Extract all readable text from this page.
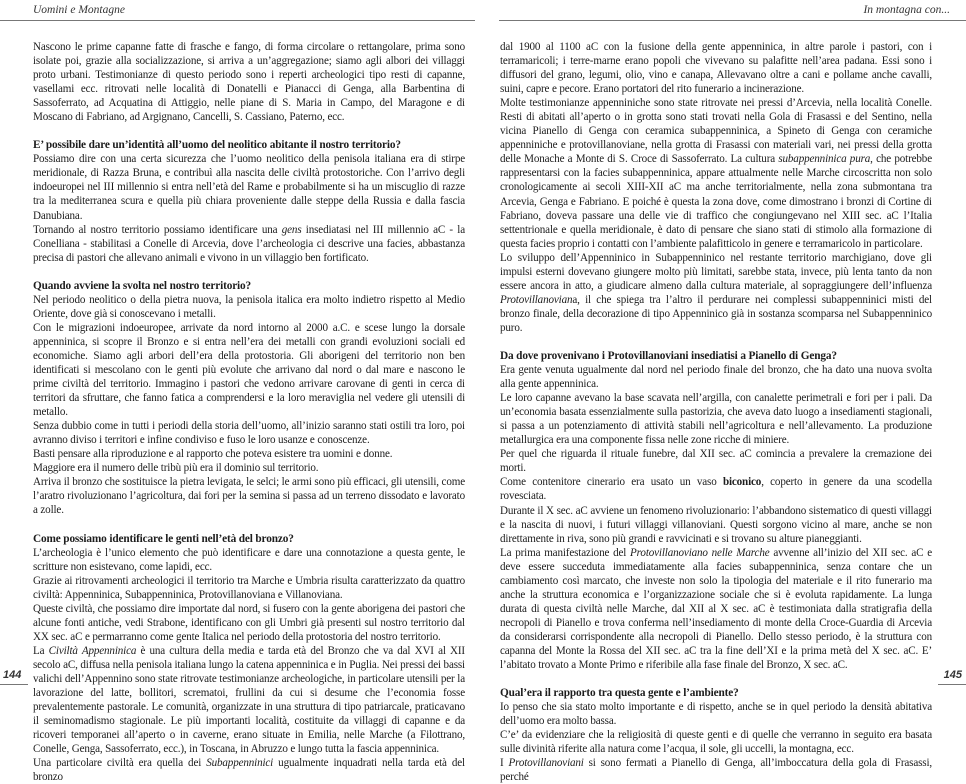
Uomini e Montagne

Nascono le prime capanne fatte di frasche e fango, di forma circolare o rettangolare, prima sono isolate poi, grazie alla socializzazione, si arriva a un’aggregazione; siamo agli albori dei villaggi proto urbani. Testimonianze di questo periodo sono i reperti archeologici tipo resti di capanne, vasellami ecc. ritrovati nelle località di Donatelli e Pianacci di Genga, alla Barbentina di Sassoferrato, ad Acquatina di Attiggio, nelle piane di S. Maria in Campo, del Maragone e di Moscano di Fabriano, ad Argignano, Cancelli, S. Cassiano, Paterno, ecc.

E’ possibile dare un’identità all’uomo del neolitico abitante il nostro territorio?

Possiamo dire con una certa sicurezza che l’uomo neolitico della penisola italiana era di stirpe meridionale, di Razza Bruna, e contribuì alla nascita delle civiltà protostoriche. Con l’arrivo degli indoeuropei nel III millennio si entra nell’età del Rame e probabilmente si ha un miscuglio di razze tra la mediterranea scura e quella più chiara proveniente dalle steppe della Russia e dalla fascia Danubiana.

Tornando al nostro territorio possiamo identificare una gens insediatasi nel III millennio aC - la Conelliana - stabilitasi a Conelle di Arcevia, dove l’archeologia ci descrive una facies, abbastanza precisa di pastori che allevano animali e vivono in un villaggio ben fortificato.

Quando avviene la svolta nel nostro territorio?

Nel periodo neolitico o della pietra nuova, la penisola italica era molto indietro rispetto al Medio Oriente, dove già si conoscevano i metalli.

Con le migrazioni indoeuropee, arrivate da nord intorno al 2000 a.C. e scese lungo la dorsale appenninica, si scopre il Bronzo e si entra nell’era dei metalli con grandi evoluzioni sociali ed economiche. Siamo agli arbori dell’era della protostoria. Gli aborigeni del territorio non ben identificati si mescolano con le genti più evolute che arrivano dal nord o dal mare e nascono le prime civiltà del territorio. Immagino i pastori che vedono arrivare carovane di genti in cerca di territori da sfruttare, che fanno fatica a comprendersi e la loro meraviglia nel vedere gli utensili di metallo.

Senza dubbio come in tutti i periodi della storia dell’uomo, all’inizio saranno stati ostili tra loro, poi avranno diviso i territori e infine condiviso e fuso le loro usanze e conoscenze.

Basti pensare alla riproduzione e al rapporto che poteva esistere tra uomini e donne.

Maggiore era il numero delle tribù più era il dominio sul territorio.

Arriva il bronzo che sostituisce la pietra levigata, le selci; le armi sono più efficaci, gli utensili, come l’aratro rivoluzionano l’agricoltura, dai fori per la semina si passa ad un terreno dissodato e lavorato a zolle.

Come possiamo identificare le genti nell’età del bronzo?

L’archeologia è l’unico elemento che può identificare e dare una connotazione a questa gente, le scritture non esistevano, come lapidi, ecc.

Grazie ai ritrovamenti archeologici il territorio tra Marche e Umbria risulta caratterizzato da quattro civiltà: Appenninica, Subappenninica, Protovillanoviana e Villanoviana.

Queste civiltà, che possiamo dire importate dal nord, si fusero con la gente aborigena dei pastori che alcune fonti antiche, vedi Strabone, identificano con gli Umbri già presenti sul nostro territorio dal XX sec. aC e permarranno come gente Italica nel periodo della protostoria del nostro territorio.

La Civiltà Appenninica è una cultura della media e tarda età del Bronzo che va dal XVI al XII secolo aC, diffusa nella penisola italiana lungo la catena appenninica e in Puglia. Nei pressi dei bassi valichi dell’Appennino sono state ritrovate testimonianze archeologiche, in particolare utensili per la lavorazione del latte, bollitori, scrematoi, frullini da cui si desume che l’economia fosse prevalentemente pastorale. Le comunità, organizzate in una struttura di tipo patriarcale, praticavano il seminomadismo stagionale. Le più importanti località, costituite da villaggi di capanne e da ricoveri temporanei all’aperto o in caverne, erano situate in Emilia, nelle Marche (a Filottrano, Conelle, Genga, Sassoferrato, ecc.), in Toscana, in Abruzzo e lungo tutta la fascia appenninica.

Una particolare civiltà era quella dei Subappenninici ugualmente inquadrati nella tarda età del bronzo

144
In montagna con...

dal 1900 al 1100 aC con la fusione della gente appenninica, in altre parole i pastori, con i terramaricoli; i terre-marne erano popoli che vivevano su palafitte nell’area padana. Essi sono i diffusori del grano, legumi, olio, vino e canapa, Allevavano oltre a cani e pollame anche cavalli, suini, capre e pecore. Erano portatori del rito funerario a incinerazione.

Molte testimonianze appenniniche sono state ritrovate nei pressi d’Arcevia, nella località Conelle. Resti di abitati all’aperto o in grotta sono stati trovati nella Gola di Frasassi e del Sentino, nella vicina Pianello di Genga con ceramica subappenninica, a Spineto di Genga con ceramiche appenniniche e protovillanoviane, nella grotta di Frasassi con materiali vari, nei pressi della grotta delle Monache a Monte di S. Croce di Sassoferrato. La cultura subappenninica pura, che potrebbe rappresentarsi con la facies subappenninica, appare attualmente nelle Marche circoscritta non solo cronologicamente ai secoli XIII-XII aC ma anche territorialmente, nella zona submontana tra Arcevia, Genga e Fabriano. E poiché è questa la zona dove, come dimostrano i bronzi di Cortine di Fabriano, doveva passare una delle vie di traffico che congiungevano nel XIII sec. aC l’Italia settentrionale e quella meridionale, è dato di pensare che siano stati di stimolo alla formazione di questa facies proprio i contatti con l’ambiente palafitticolo in genere e terramaricolo in particolare.

Lo sviluppo dell’Appenninico in Subappenninico nel restante territorio marchigiano, dove gli impulsi esterni dovevano giungere molto più limitati, sarebbe stata, invece, più lenta tanto da non essere ancora in atto, a giudicare almeno dalla cultura materiale, al sopraggiungere dell’influenza Protovillanoviana, il che spiega tra l’altro il perdurare nei complessi subappenninici misti del bronzo finale, della decorazione di tipo Appenninico già in sostanza scomparsa nel Subappenninico puro.

Da dove provenivano i Protovillanoviani insediatisi a Pianello di Genga?

Era gente venuta ugualmente dal nord nel periodo finale del bronzo, che ha dato una nuova svolta alla gente appenninica.

Le loro capanne avevano la base scavata nell’argilla, con canalette perimetrali e fori per i pali. Da un’economia basata essenzialmente sulla pastorizia, che aveva dato luogo a insediamenti stagionali, si passa a un potenziamento di attività stabili nell’agricoltura e nell’allevamento. La produzione metallurgica era una componente fissa nelle zone ricche di miniere.

Per quel che riguarda il rituale funebre, dal XII sec. aC comincia a prevalere la cremazione dei morti.

Come contenitore cinerario era usato un vaso biconico, coperto in genere da una scodella rovesciata.

Durante il X sec. aC avviene un fenomeno rivoluzionario: l’abbandono sistematico di questi villaggi e la nascita di nuovi, i futuri villaggi villanoviani. Questi sorgono vicino al mare, anche se non direttamente in riva, sono più grandi e ravvicinati e si trovano su alture pianeggianti.

La prima manifestazione del Protovillanoviano nelle Marche avvenne all’inizio del XII sec. aC e deve essere succeduta immediatamente alla facies subappenninica, senza contare che un cambiamento così marcato, che investe non solo la tipologia del materiale e il rito funerario ma anche la struttura economica e l’organizzazione sociale che si è evoluta rapidamente. La lunga durata di questa civiltà nelle Marche, dal XII al X sec. aC è testimoniata dalla stratigrafia della necropoli di Pianello e trova conferma nell’insediamento di monte della Croce-Guardia di Arcevia da considerarsi corrispondente alla necropoli di Pianello. Dello stesso periodo, è la struttura con capanna del Monte la Rossa del XII sec. aC tra la fine dell’XI e la prima metà del X sec. aC. E’ l’abitato trovato a Monte Primo e riferibile alla fase finale del Bronzo, X sec. aC.

Qual’era il rapporto tra questa gente e l’ambiente?

Io penso che sia stato molto importante e di rispetto, anche se in quel periodo la densità abitativa dell’uomo era molto bassa.

C’e’ da evidenziare che la religiosità di queste genti e di quelle che verranno in seguito era basata sulle divinità riferite alla natura come l’acqua, il sole, gli uccelli, la montagna, ecc.

I Protovillanoviani si sono fermati a Pianello di Genga, all’imboccatura della gola di Frasassi, perché

145
